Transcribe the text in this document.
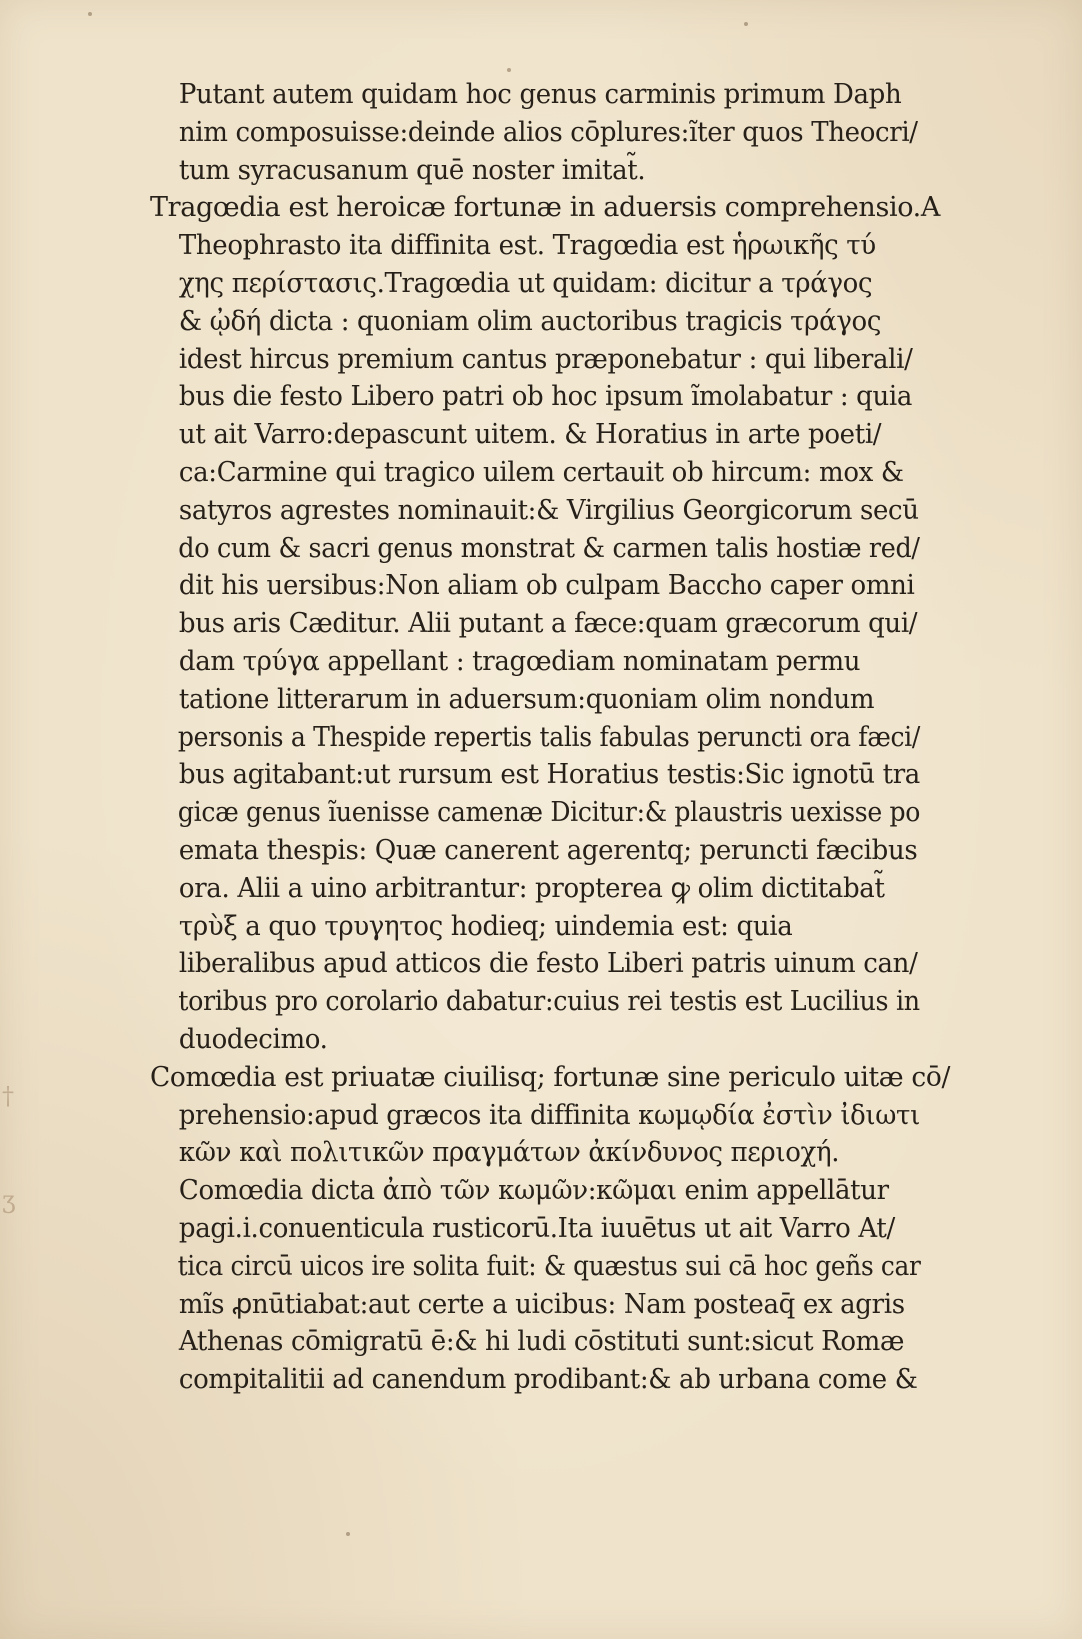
†
ʒ
Putant autem quidam hoc genus carminis primum Daph
nim composuisse:deinde alios cōplures:ĩter quos Theocri/
tum syracusanum quē noster imitat̃.
Tragœdia est heroicæ fortunæ in aduersis comprehensio.A
Theophrasto ita diffinita est. Tragœdia est ἡρωικῆς τύ
χης περίστασις.Tragœdia ut quidam: dicitur a τράγος
& ᾠδή dicta : quoniam olim auctoribus tragicis τράγος
idest hircus premium cantus præponebatur : qui liberali/
bus die festo Libero patri ob hoc ipsum ĩmolabatur : quia
ut ait Varro:depascunt uitem. & Horatius in arte poeti/
ca:Carmine qui tragico uilem certauit ob hircum: mox &
satyros agrestes nominauit:& Virgilius Georgicorum secū
do cum & sacri genus monstrat & carmen talis hostiæ red/
dit his uersibus:Non aliam ob culpam Baccho caper omni
bus aris Cæditur. Alii putant a fæce:quam græcorum qui/
dam τρύγα appellant : tragœdiam nominatam permu
tatione litterarum in aduersum:quoniam olim nondum
personis a Thespide repertis talis fabulas peruncti ora fæci/
bus agitabant:ut rursum est Horatius testis:Sic ignotū tra
gicæ genus ĩuenisse camenæ Dicitur:& plaustris uexisse po
emata thespis: Quæ canerent agerentq; peruncti fæcibus
ora. Alii a uino arbitrantur: propterea ꝙ olim dictitabat̃
τρὺξ a quo τρυγητος hodieq; uindemia est: quia
liberalibus apud atticos die festo Liberi patris uinum can/
toribus pro corolario dabatur:cuius rei testis est Lucilius in
duodecimo.
Comœdia est priuatæ ciuilisq; fortunæ sine periculo uitæ cō/
prehensio:apud græcos ita diffinita κωμῳδία ἐστὶν ἰδιωτι
κῶν καὶ πολιτικῶν πραγμάτων ἀκίνδυνος περιοχή.
Comœdia dicta ἀπὸ τῶν κωμῶν:κῶμαι enim appellātur
pagi.i.conuenticula rusticorū.Ita iuuētus ut ait Varro At/
tica circū uicos ire solita fuit: & quæstus sui cā hoc geñs car
mĩs ꝓnūtiabat:aut certe a uicibus: Nam posteaq̄ ex agris
Athenas cōmigratū ē:& hi ludi cōstituti sunt:sicut Romæ
compitalitii ad canendum prodibant:& ab urbana come &
